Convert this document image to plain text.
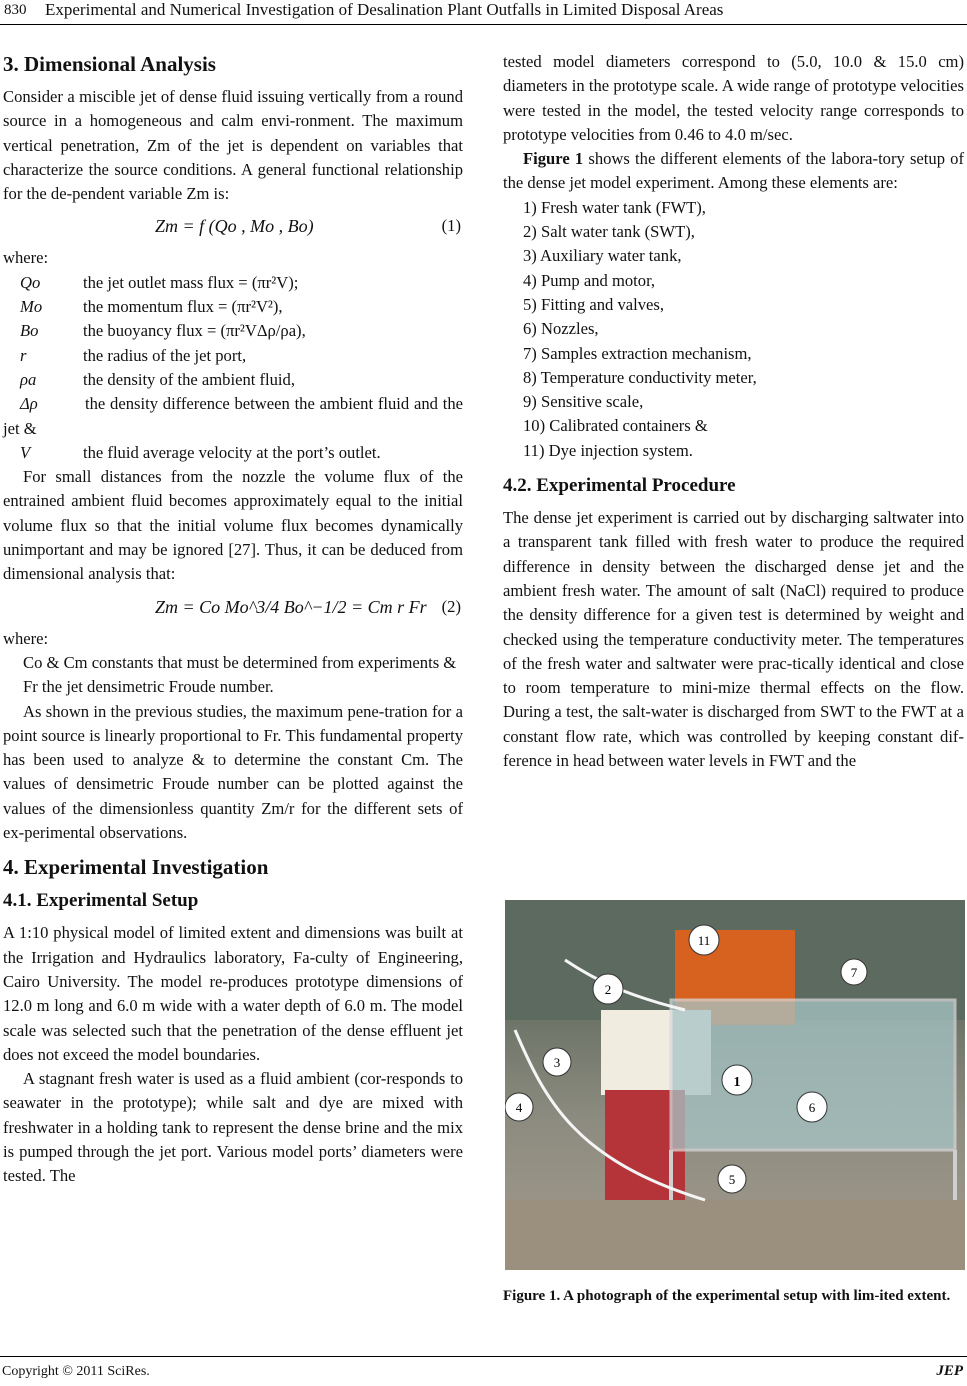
830 Experimental and Numerical Investigation of Desalination Plant Outfalls in Limited Disposal Areas
3. Dimensional Analysis

Consider a miscible jet of dense fluid issuing vertically from a round source in a homogeneous and calm envi-ronment. The maximum vertical penetration, Zm of the jet is dependent on variables that characterize the source conditions. A general functional relationship for the de-pendent variable Zm is:

Zm = f (Qo , Mo , Bo)	(1)

where:

Qo	the jet outlet mass flux = (πr²V);
Mo the momentum flux = (πr²V²),
Bo	the buoyancy flux = (πr²VΔρ/ρa),
r	the radius of the jet port,
ρa	the density of the ambient fluid,
Δρ	the density difference between the ambient fluid and the jet &
V	the fluid average velocity at the port’s outlet.

For small distances from the nozzle the volume flux of the entrained ambient fluid becomes approximately equal to the initial volume flux so that the initial volume flux becomes dynamically unimportant and may be ignored [27]. Thus, it can be deduced from dimensional analysis that:

Zm = Co Mo^3/4 Bo^−1/2 = Cm r Fr (2)

where:

Co & Cm constants that must be determined from experiments &

Fr the jet densimetric Froude number.

As shown in the previous studies, the maximum pene-tration for a point source is linearly proportional to Fr. This fundamental property has been used to analyze & to determine the constant Cm. The values of densimetric Froude number can be plotted against the values of the dimensionless quantity Zm/r for the different sets of ex-perimental observations.

4. Experimental Investigation
4.1. Experimental Setup

A 1:10 physical model of limited extent and dimensions was built at the Irrigation and Hydraulics laboratory, Fa-culty of Engineering, Cairo University. The model re-produces prototype dimensions of 12.0 m long and 6.0 m wide with a water depth of 6.0 m. The model scale was selected such that the penetration of the dense effluent jet does not exceed the model boundaries.

A stagnant fresh water is used as a fluid ambient (cor-responds to seawater in the prototype); while salt and dye are mixed with freshwater in a holding tank to represent the dense brine and the mix is pumped through the jet port. Various model ports’ diameters were tested. The

tested model diameters correspond to (5.0, 10.0 & 15.0 cm) diameters in the prototype scale. A wide range of prototype velocities were tested in the model, the tested velocity range corresponds to prototype velocities from 0.46 to 4.0 m/sec.

Figure 1 shows the different elements of the labora-tory setup of the dense jet model experiment. Among these elements are:

1) Fresh water tank (FWT),
2) Salt water tank (SWT),
3) Auxiliary water tank,
4) Pump and motor,
5) Fitting and valves,
6) Nozzles,
7) Samples extraction mechanism,
8) Temperature conductivity meter,
9) Sensitive scale,
10) Calibrated containers &
11) Dye injection system.
4.2. Experimental Procedure

The dense jet experiment is carried out by discharging saltwater into a transparent tank filled with fresh water to produce the required difference in density between the discharged dense jet and the ambient fresh water. The amount of salt (NaCl) required to produce the density difference for a given test is determined by weight and checked using the temperature conductivity meter. The temperatures of the fresh water and saltwater were prac-tically identical and close to room temperature to mini-mize thermal effects on the flow. During a test, the salt-water is discharged from SWT to the FWT at a constant flow rate, which was controlled by keeping constant dif-ference in head between water levels in FWT and the

11
7
2
3
1
4	6
5
Figure 1. A photograph of the experimental setup with lim-ited extent.
Copyright © 2011 SciRes.	JEP
